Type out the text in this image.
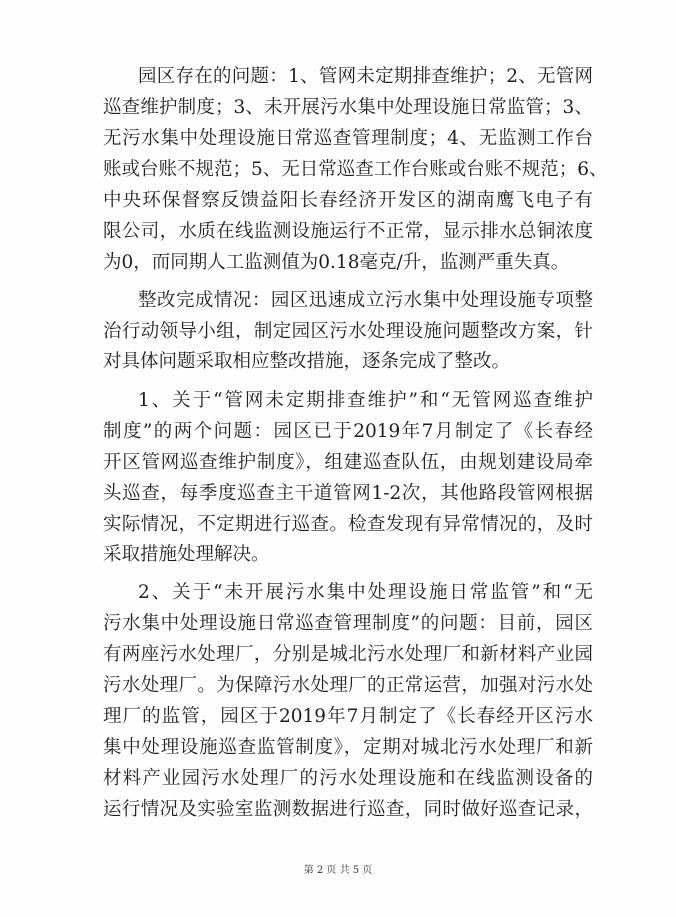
园区存在的问题：1、管网未定期排查维护；2、无管网

巡查维护制度；3、未开展污水集中处理设施日常监管；3、

无污水集中处理设施日常巡查管理制度；4、无监测工作台

账或台账不规范；5、无日常巡查工作台账或台账不规范；6、

中央环保督察反馈益阳长春经济开发区的湖南鹰飞电子有

限公司，水质在线监测设施运行不正常，显示排水总铜浓度

为0，而同期人工监测值为0.18毫克/升，监测严重失真。

整改完成情况：园区迅速成立污水集中处理设施专项整

治行动领导小组，制定园区污水处理设施问题整改方案，针

对具体问题采取相应整改措施，逐条完成了整改。

1、关于“管网未定期排查维护”和“无管网巡查维护

制度”的两个问题：园区已于2019年7月制定了《长春经

开区管网巡查维护制度》，组建巡查队伍，由规划建设局牵

头巡查，每季度巡查主干道管网1-2次，其他路段管网根据

实际情况，不定期进行巡查。检查发现有异常情况的，及时

采取措施处理解决。

2、关于“未开展污水集中处理设施日常监管”和“无

污水集中处理设施日常巡查管理制度”的问题：目前，园区

有两座污水处理厂，分别是城北污水处理厂和新材料产业园

污水处理厂。为保障污水处理厂的正常运营，加强对污水处

理厂的监管，园区于2019年7月制定了《长春经开区污水

集中处理设施巡查监管制度》，定期对城北污水处理厂和新

材料产业园污水处理厂的污水处理设施和在线监测设备的

运行情况及实验室监测数据进行巡查，同时做好巡查记录，

第 2 页 共 5 页
